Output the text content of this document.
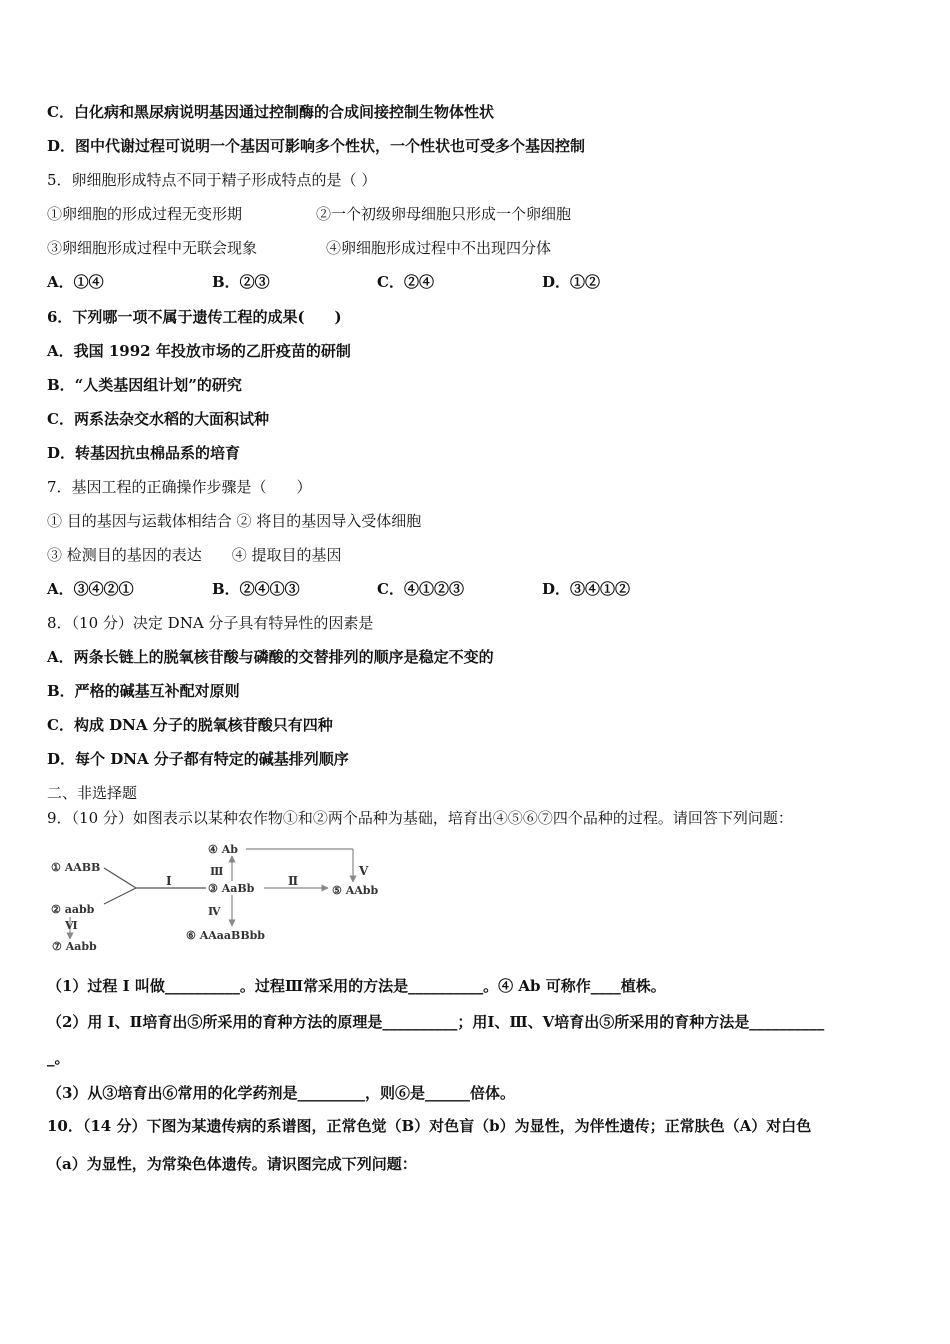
C．白化病和黑尿病说明基因通过控制酶的合成间接控制生物体性状
D．图中代谢过程可说明一个基因可影响多个性状，一个性状也可受多个基因控制
5．卵细胞形成特点不同于精子形成特点的是（ ）
①卵细胞的形成过程无变形期	②一个初级卵母细胞只形成一个卵细胞
③卵细胞形成过程中无联会现象	④卵细胞形成过程中不出现四分体
A．①④	B．②③	C．②④	D．①②
6．下列哪一项不属于遗传工程的成果(　　)
A．我国 1992 年投放市场的乙肝疫苗的研制
B．“人类基因组计划”的研究
C．两系法杂交水稻的大面积试种
D．转基因抗虫棉品系的培育
7．基因工程的正确操作步骤是（　　）
① 目的基因与运载体相结合 ② 将目的基因导入受体细胞
③ 检测目的基因的表达　　④ 提取目的基因
A．③④②①	B．②④①③	C．④①②③	D．③④①②
8．（10 分）决定 DNA 分子具有特异性的因素是
A．两条长链上的脱氧核苷酸与磷酸的交替排列的顺序是稳定不变的
B．严格的碱基互补配对原则
C．构成 DNA 分子的脱氧核苷酸只有四种
D．每个 DNA 分子都有特定的碱基排列顺序
二、非选择题
9．（10 分）如图表示以某种农作物①和②两个品种为基础，培育出④⑤⑥⑦四个品种的过程。请回答下列问题：
① AABB
② aabb
③ AaBb
④ Ab
⑤ AAbb
⑥ AAaaBBbb
⑦ Aabb
Ⅰ	Ⅱ
Ⅲ
Ⅳ
Ⅴ
Ⅵ
（1）过程 I 叫做__________。过程Ⅲ常采用的方法是__________。④ Ab 可称作____植株。
（2）用 I、Ⅱ培育出⑤所采用的育种方法的原理是__________；用Ⅰ、Ⅲ、Ⅴ培育出⑤所采用的育种方法是__________
_。
（3）从③培育出⑥常用的化学药剂是_________，则⑥是______倍体。
10．（14 分）下图为某遗传病的系谱图，正常色觉（B）对色盲（b）为显性，为伴性遗传；正常肤色（A）对白色
（a）为显性，为常染色体遗传。请识图完成下列问题：
